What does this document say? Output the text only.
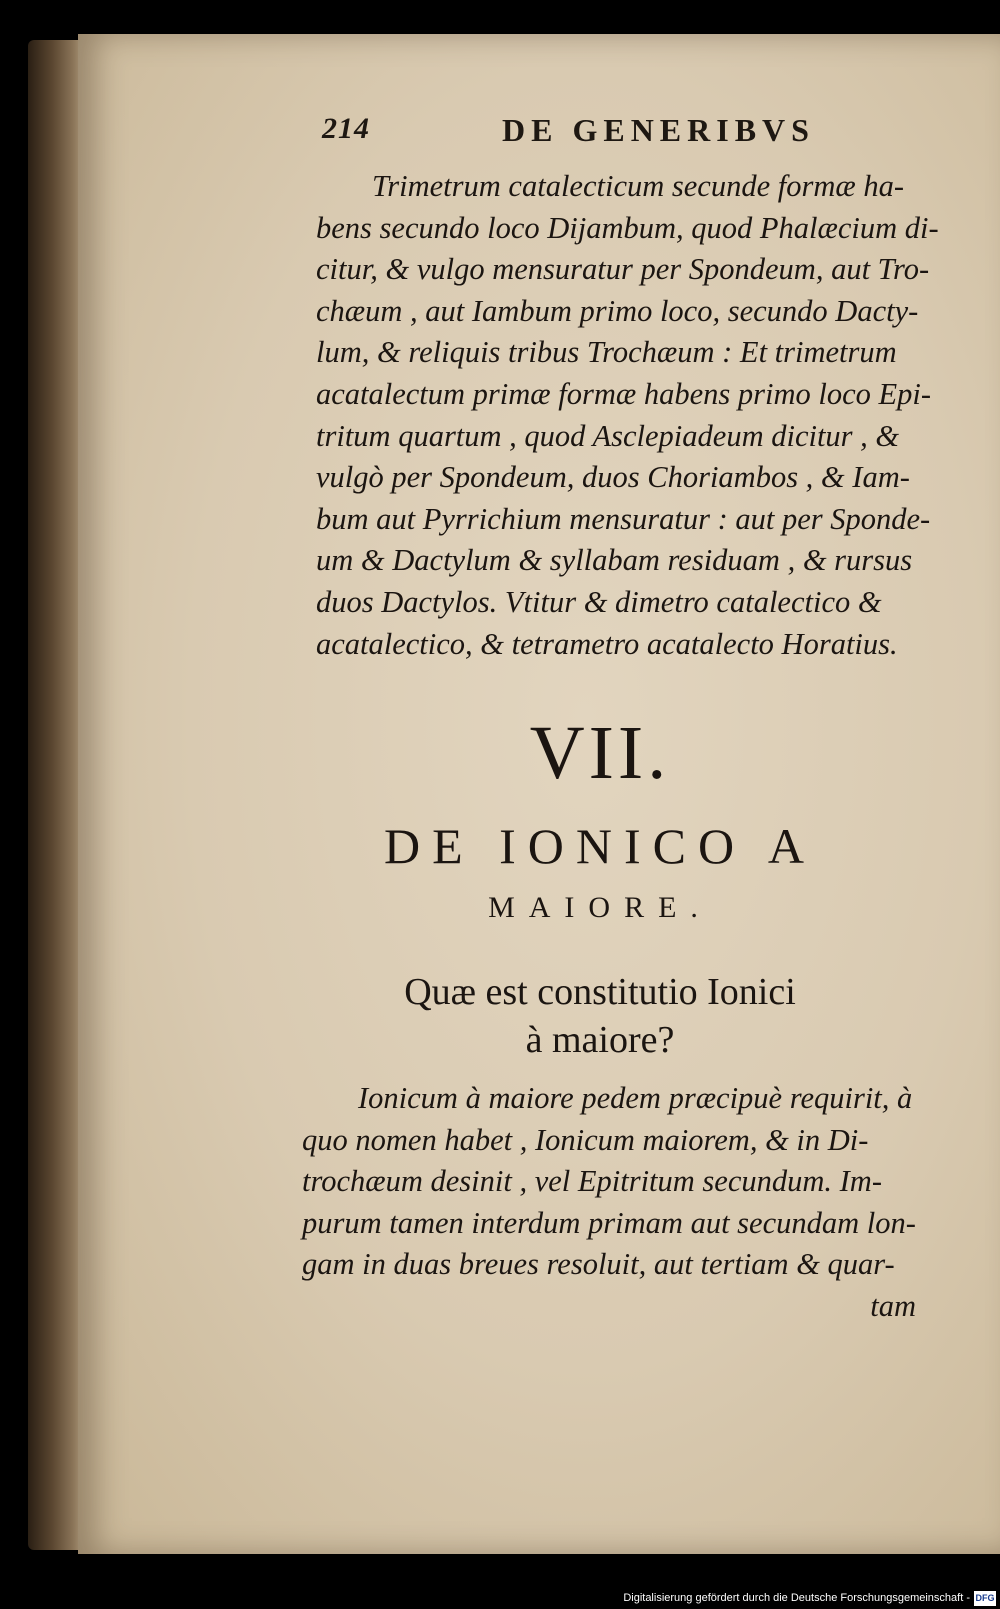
214	DE GENERIBVS
Trimetrum catalecticum secunde formæ ha-
bens secundo loco Dijambum, quod Phalæcium di-
citur, & vulgo mensuratur per Spondeum, aut Tro-
chæum , aut Iambum primo loco, secundo Dacty-
lum, & reliquis tribus Trochæum : Et trimetrum
acatalectum primæ formæ habens primo loco Epi-
tritum quartum , quod Asclepiadeum dicitur , &
vulgò per Spondeum, duos Choriambos , & Iam-
bum aut Pyrrichium mensuratur : aut per Sponde-
um & Dactylum & syllabam residuam , & rursus
duos Dactylos. Vtitur & dimetro catalectico &
acatalectico, & tetrametro acatalecto Horatius.
VII.
DE IONICO A
MAIORE.
Quæ est constitutio Ionici
à maiore?
Ionicum à maiore pedem præcipuè requirit, à
quo nomen habet , Ionicum maiorem, & in Di-
trochæum desinit , vel Epitritum secundum. Im-
purum tamen interdum primam aut secundam lon-
gam in duas breues resoluit, aut tertiam & quar-
tam
Digitalisierung gefördert durch die Deutsche Forschungsgemeinschaft - DFG
